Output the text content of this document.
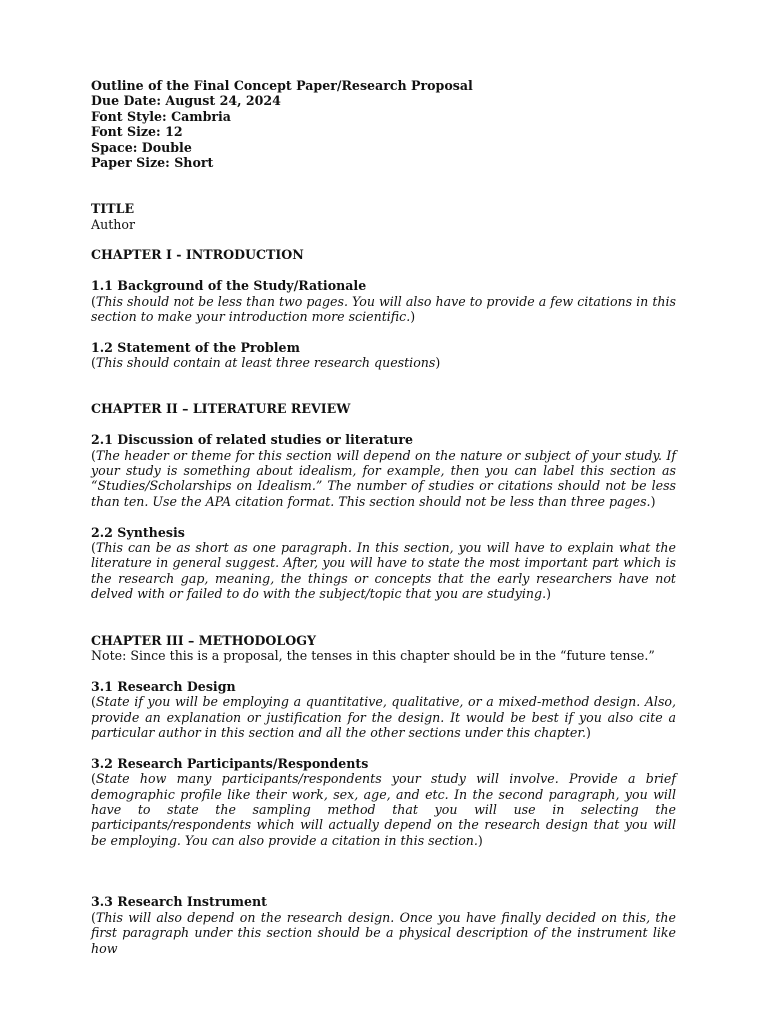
Outline of the Final Concept Paper/Research Proposal
Due Date: August 24, 2024
Font Style: Cambria
Font Size: 12
Space: Double
Paper Size: Short
TITLE
Author
CHAPTER I - INTRODUCTION
1.1 Background of the Study/Rationale

(This should not be less than two pages. You will also have to provide a few citations in this section to make your introduction more scientific.)

1.2 Statement of the Problem

(This should contain at least three research questions)

CHAPTER II – LITERATURE REVIEW
2.1 Discussion of related studies or literature

(The header or theme for this section will depend on the nature or subject of your study. If your study is something about idealism, for example, then you can label this section as “Studies/Scholarships on Idealism.” The number of studies or citations should not be less than ten. Use the APA citation format. This section should not be less than three pages.)

2.2 Synthesis

(This can be as short as one paragraph. In this section, you will have to explain what the literature in general suggest. After, you will have to state the most important part which is the research gap, meaning, the things or concepts that the early researchers have not delved with or failed to do with the subject/topic that you are studying.)

CHAPTER III – METHODOLOGY
Note: Since this is a proposal, the tenses in this chapter should be in the “future tense.”
3.1 Research Design

(State if you will be employing a quantitative, qualitative, or a mixed-method design. Also, provide an explanation or justification for the design. It would be best if you also cite a particular author in this section and all the other sections under this chapter.)

3.2 Research Participants/Respondents

(State how many participants/respondents your study will involve. Provide a brief demographic profile like their work, sex, age, and etc. In the second paragraph, you will have to state the sampling method that you will use in selecting the participants/respondents which will actually depend on the research design that you will be employing. You can also provide a citation in this section.)

3.3 Research Instrument

(This will also depend on the research design. Once you have finally decided on this, the first paragraph under this section should be a physical description of the instrument like how
